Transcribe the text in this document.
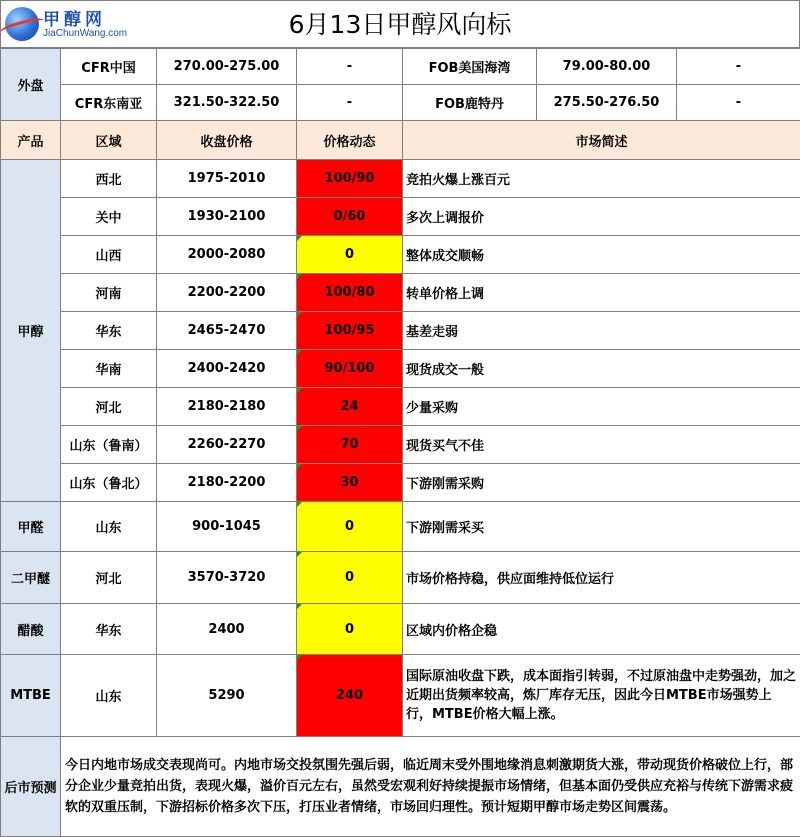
甲醇网
JiaChunWang.com	6月13日甲醇风向标
外盘	CFR中国	270.00-275.00	-	FOB美国海湾	79.00-80.00	-
	CFR东南亚	321.50-322.50	-	FOB鹿特丹	275.50-276.50	-
产品	区域	收盘价格	价格动态	市场简述		
甲醇	西北	1975-2010	100/90	竞拍火爆上涨百元		
	关中	1930-2100	0/60	多次上调报价		
	山西	2000-2080	0	整体成交顺畅		
	河南	2200-2200	100/80	转单价格上调		
	华东	2465-2470	100/95	基差走弱		
	华南	2400-2420	90/100	现货成交一般		
	河北	2180-2180	24	少量采购		
	山东（鲁南）	2260-2270	70	现货买气不佳		
	山东（鲁北）	2180-2200	30	下游刚需采购		
甲醛	山东	900-1045	0	下游刚需采买		
二甲醚	河北	3570-3720	0	市场价格持稳，供应面维持低位运行		
醋酸	华东	2400	0	区域内价格企稳		
MTBE	山东	5290	240	国际原油收盘下跌，成本面指引转弱，不过原油盘中走势强劲，加之近期出货频率较高，炼厂库存无压，因此今日MTBE市场强势上行，MTBE价格大幅上涨。		
后市预测	今日内地市场成交表现尚可。内地市场交投氛围先强后弱，临近周末受外围地缘消息刺激期货大涨，带动现货价格破位上行，部分企业少量竞拍出货，表现火爆，溢价百元左右，虽然受宏观利好持续提振市场情绪，但基本面仍受供应充裕与传统下游需求疲软的双重压制，下游招标价格多次下压，打压业者情绪，市场回归理性。预计短期甲醇市场走势区间震荡。					
